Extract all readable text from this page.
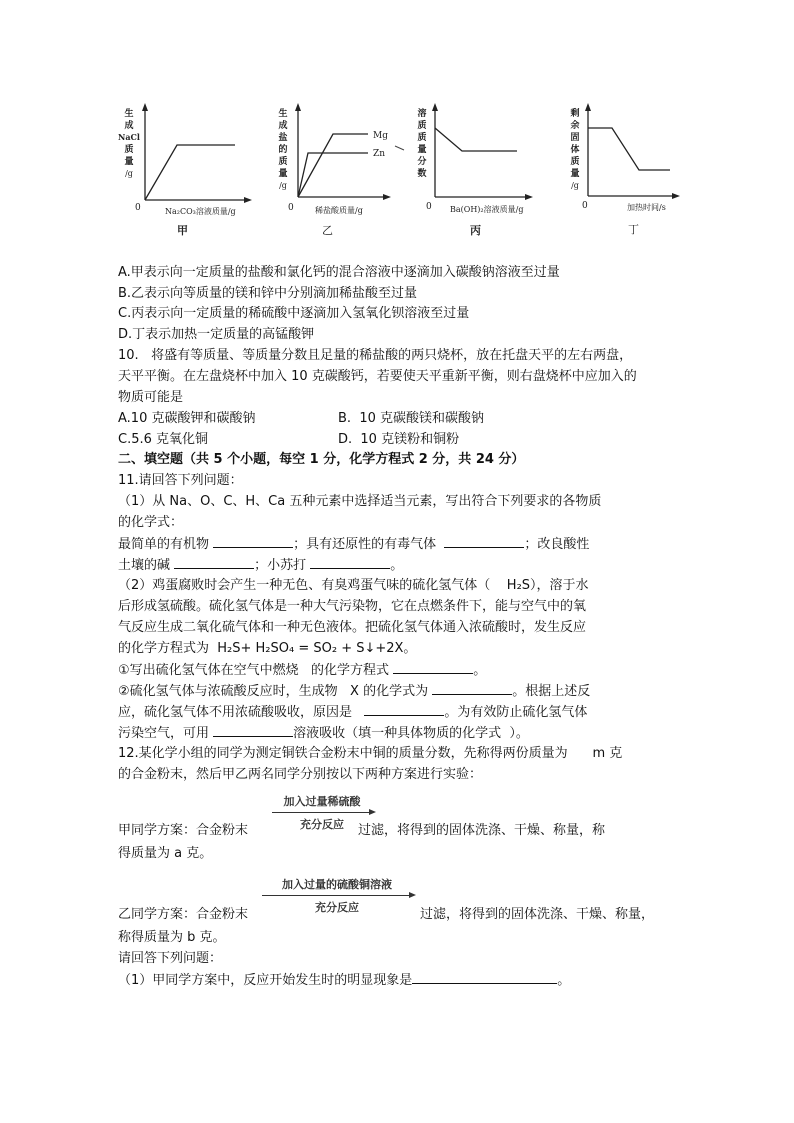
生
成
NaCl
质
量
/g
0	Na₂CO₃溶液质量/g
甲
Mg
Zn
生
成
盐
的
质
量
/g
0	稀盐酸质量/g
乙
溶
质
质
量
分
数
0 Ba(OH)₂溶液质量/g
丙
剩
余
固
体
质
量
/g
0	加热时间/s
丁
A.甲表示向一定质量的盐酸和氯化钙的混合溶液中逐滴加入碳酸钠溶液至过量
B.乙表示向等质量的镁和锌中分别滴加稀盐酸至过量
C.丙表示向一定质量的稀硫酸中逐滴加入氢氧化钡溶液至过量
D.丁表示加热一定质量的高锰酸钾
10.   将盛有等质量、等质量分数且足量的稀盐酸的两只烧杯，放在托盘天平的左右两盘，
天平平衡。在左盘烧杯中加入 10 克碳酸钙，若要使天平重新平衡，则右盘烧杯中应加入的
物质可能是
A.10 克碳酸钾和碳酸钠	B.  10 克碳酸镁和碳酸钠
C.5.6 克氧化铜	D.  10 克镁粉和铜粉
二、填空题（共 5 个小题，每空 1 分，化学方程式 2 分，共 24 分）
11.请回答下列问题：
（1）从 Na、O、C、H、Ca 五种元素中选择适当元素，写出符合下列要求的各物质
的化学式：
最简单的有机物	；具有还原性的有毒气体	；改良酸性
土壤的碱	；小苏打	。
（2）鸡蛋腐败时会产生一种无色、有臭鸡蛋气味的硫化氢气体（    H₂S），溶于水
后形成氢硫酸。硫化氢气体是一种大气污染物，它在点燃条件下，能与空气中的氧
气反应生成二氧化硫气体和一种无色液体。把硫化氢气体通入浓硫酸时，发生反应
的化学方程式为  H₂S+ H₂SO₄ = SO₂ + S↓+2X。
①写出硫化氢气体在空气中燃烧   的化学方程式	。
②硫化氢气体与浓硫酸反应时，生成物   X 的化学式为	。根据上述反
应，硫化氢气体不用浓硫酸吸收，原因是	。为有效防止硫化氢气体
污染空气，可用	溶液吸收（填一种具体物质的化学式  ）。
12.某化学小组的同学为测定铜铁合金粉末中铜的质量分数，先称得两份质量为      m 克
的合金粉末，然后甲乙两名同学分别按以下两种方案进行实验：
加入过量稀硫酸
充分反应
甲同学方案：合金粉末	过滤，将得到的固体洗涤、干燥、称量，称
得质量为 a 克。
加入过量的硫酸铜溶液
充分反应
乙同学方案：合金粉末	过滤，将得到的固体洗涤、干燥、称量，
称得质量为 b 克。
请回答下列问题：
（1）甲同学方案中，反应开始发生时的明显现象是	。
